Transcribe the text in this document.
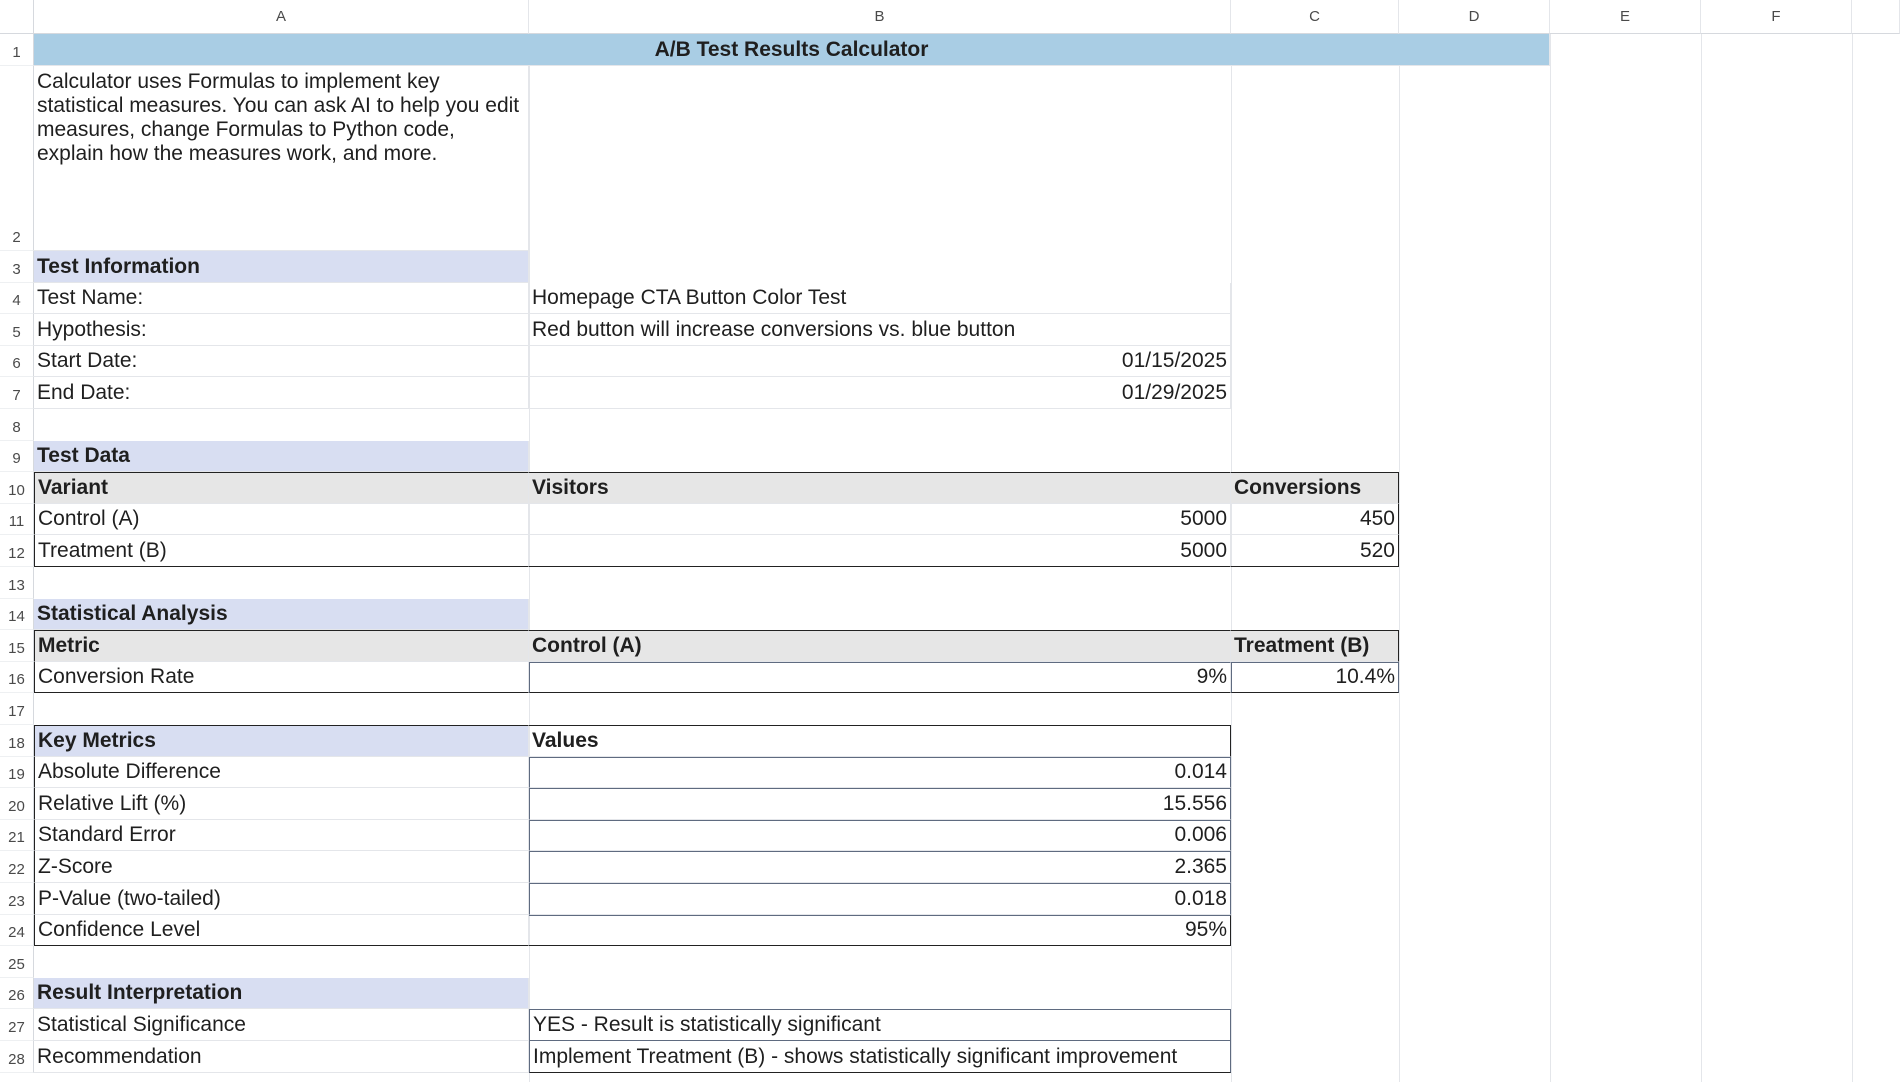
A	B	C	D	E	F
1
2
3
4
5
6
7
8
9
10
11
12
13
14
15
16
17
18
19
20
21
22
23
24
25
26
27
28
A/B Test Results Calculator
Calculator uses Formulas to implement key statistical measures. You can ask AI to help you edit measures, change Formulas to Python code, explain how the measures work, and more.
Test Information
Test Name:	Homepage CTA Button Color Test
Hypothesis:	Red button will increase conversions vs. blue button
Start Date:	01/15/2025
End Date:	01/29/2025
Test Data
Variant	Visitors	Conversions
Control (A)	5000	450
Treatment (B)	5000	520
Statistical Analysis
Metric	Control (A)	Treatment (B)
Conversion Rate	9%	10.4%
Key Metrics	Values
Absolute Difference	0.014
Relative Lift (%)	15.556
Standard Error	0.006
Z-Score	2.365
P-Value (two-tailed)	0.018
Confidence Level	95%
Result Interpretation
Statistical Significance	YES - Result is statistically significant
Recommendation	Implement Treatment (B) - shows statistically significant improvement
